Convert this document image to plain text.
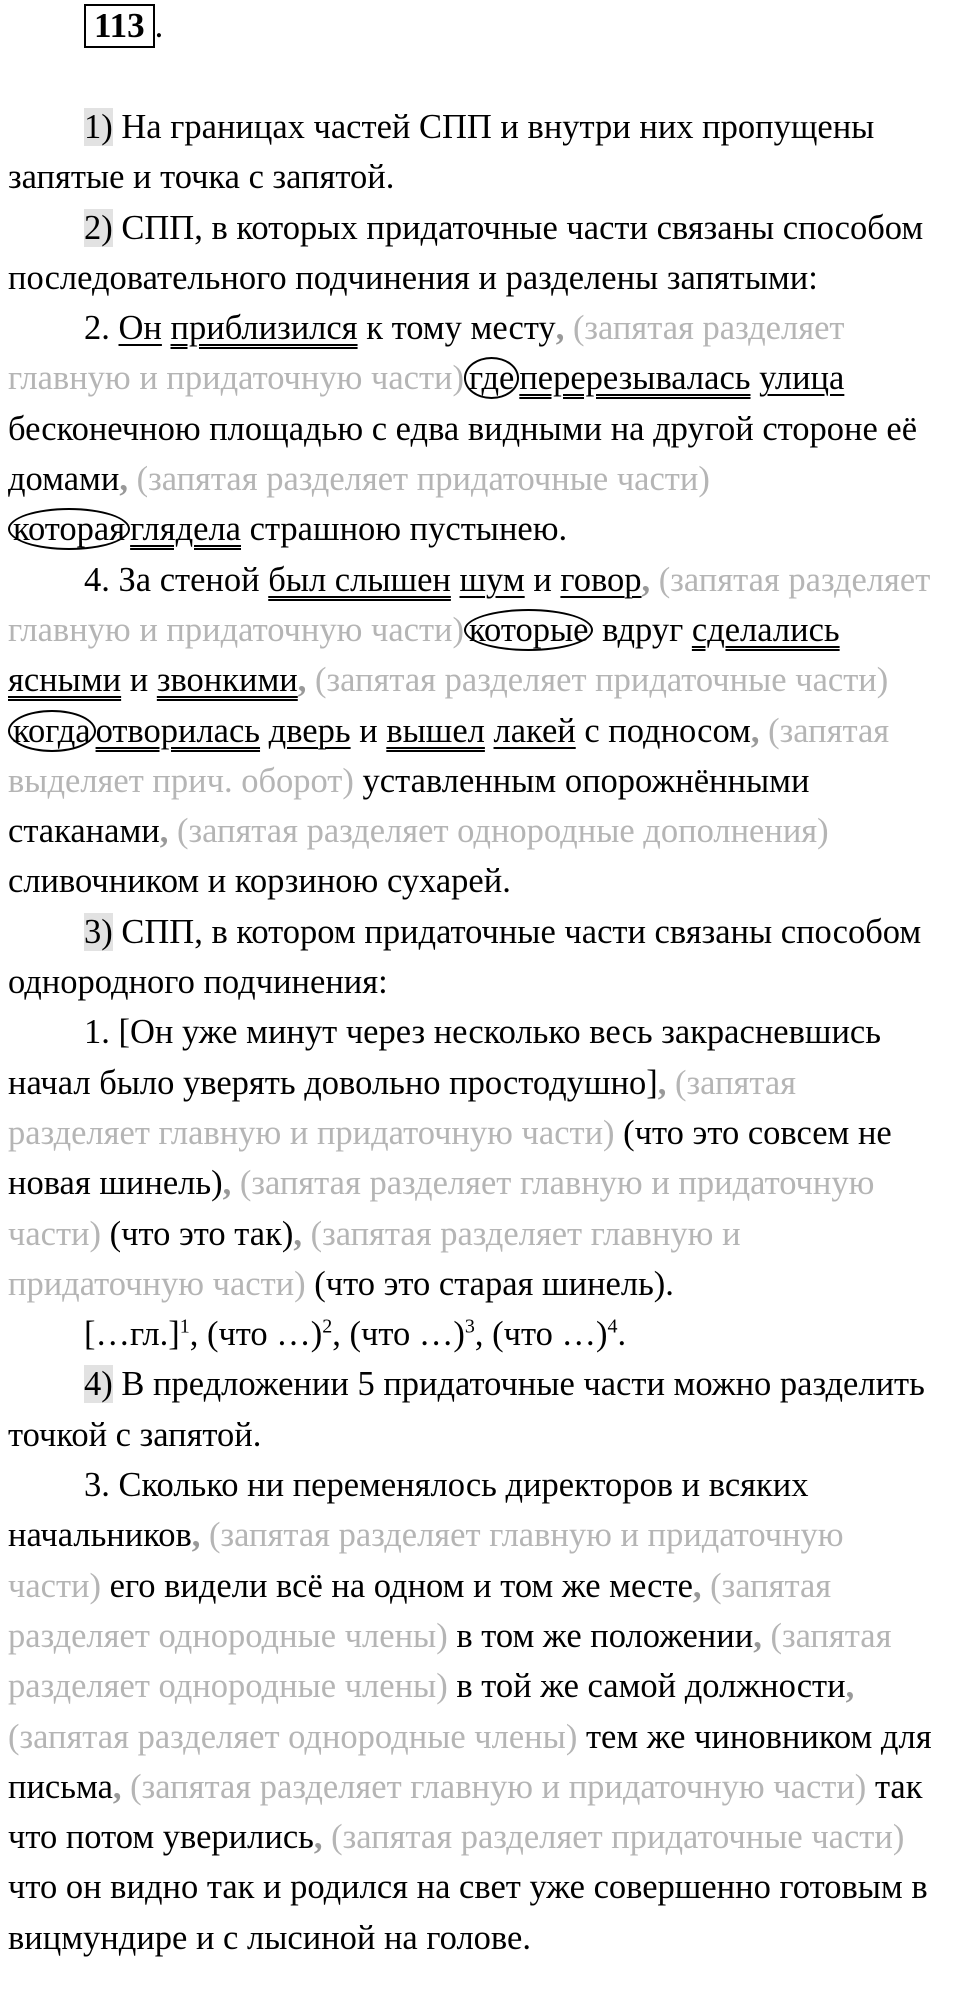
113 .

1) На границах частей СПП и внутри них пропущены запятые и точка с запятой.

2) СПП, в которых придаточные части связаны способом последовательного подчинения и разделены запятыми:

2. Он приблизился к тому месту, (запятая разделяет главную и придаточную части) где перерезывалась улица бесконечною площадью с едва видными на другой стороне её домами, (запятая разделяет придаточные части) которая глядела страшною пустынею.

4. За стеной был слышен шум и говор, (запятая разделяет главную и придаточную части) которые вдруг сделались ясными и звонкими, (запятая разделяет придаточные части) когда отворилась дверь и вышел лакей с подносом, (запятая выделяет прич. оборот) уставленным опорожнёнными стаканами, (запятая разделяет однородные дополнения) сливочником и корзиною сухарей.

3) СПП, в котором придаточные части связаны способом однородного подчинения:

1. [Он уже минут через несколько весь закрасневшись начал было уверять довольно простодушно], (запятая разделяет главную и придаточную части) (что это совсем не новая шинель), (запятая разделяет главную и придаточную части) (что это так), (запятая разделяет главную и придаточную части) (что это старая шинель).

[…гл.]$^1$, (что …)$^2$, (что …)$^3$, (что …)$^4$.

4) В предложении 5 придаточные части можно разделить точкой с запятой.

3. Сколько ни переменялось директоров и всяких начальников, (запятая разделяет главную и придаточную части) его видели всё на одном и том же месте, (запятая разделяет однородные члены) в том же положении, (запятая разделяет однородные члены) в той же самой должности, (запятая разделяет однородные члены) тем же чиновником для письма, (запятая разделяет главную и придаточную части) так что потом уверились, (запятая разделяет придаточные части) что он видно так и родился на свет уже совершенно готовым в вицмундире и с лысиной на голове.
